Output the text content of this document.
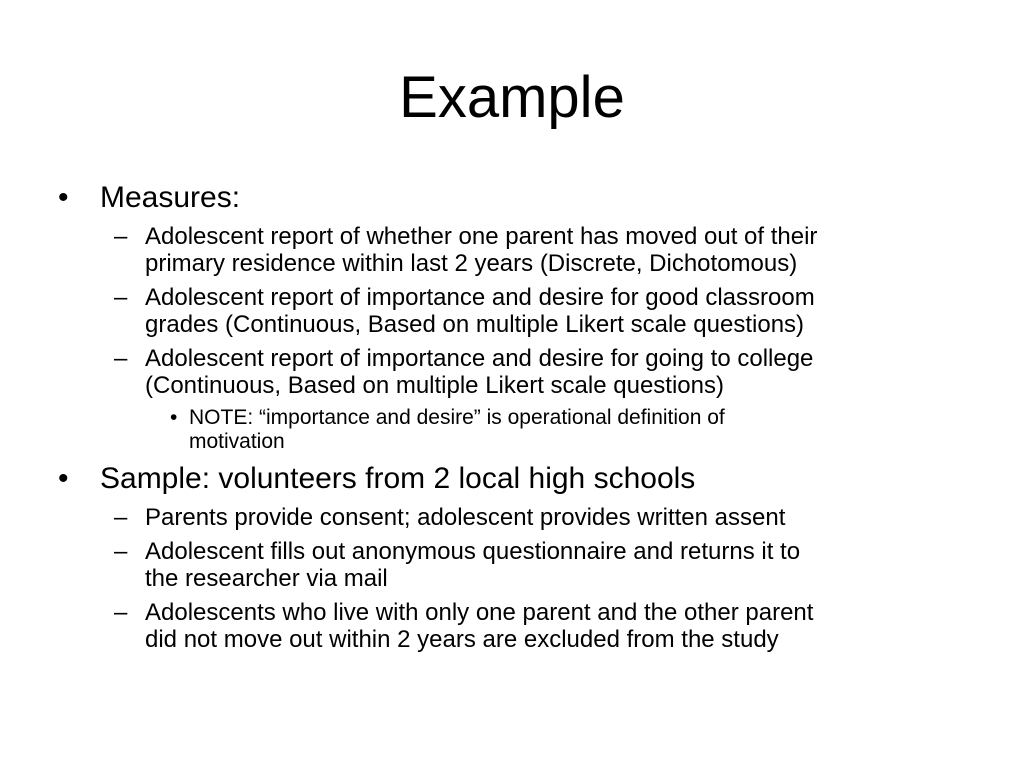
Example
• Measures:
– Adolescent report of whether one parent has moved out of their
primary residence within last 2 years (Discrete, Dichotomous)
– Adolescent report of importance and desire for good classroom
grades (Continuous, Based on multiple Likert scale questions)
– Adolescent report of importance and desire for going to college
(Continuous, Based on multiple Likert scale questions)
• NOTE: “importance and desire” is operational definition of
motivation
• Sample: volunteers from 2 local high schools
– Parents provide consent; adolescent provides written assent
– Adolescent fills out anonymous questionnaire and returns it to
the researcher via mail
– Adolescents who live with only one parent and the other parent
did not move out within 2 years are excluded from the study
